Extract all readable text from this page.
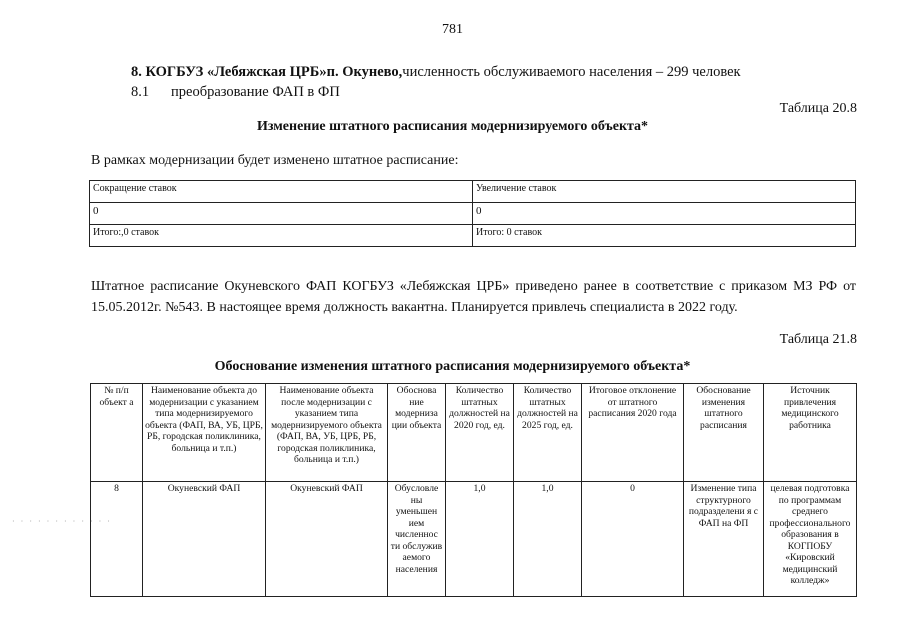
781
8. КОГБУЗ «Лебяжская ЦРБ»п. Окунево,численность обслуживаемого населения – 299 человек
8.1 преобразование ФАП в ФП
Таблица 20.8
Изменение штатного расписания модернизируемого объекта*
В рамках модернизации будет изменено штатное расписание:
Сокращение ставок	Увеличение ставок
0	0
Итого:,0 ставок	Итого: 0 ставок
Штатное расписание Окуневского ФАП КОГБУЗ «Лебяжская ЦРБ» приведено ранее в соответствие с приказом МЗ РФ от 15.05.2012г. №543. В настоящее время должность вакантна. Планируется привлечь специалиста в 2022 году.
Таблица 21.8
Обоснование изменения штатного расписания модернизируемого объекта*
№ п/п объект а	Наименование объекта до модернизации с указанием типа модернизируемого объекта (ФАП, ВА, УБ, ЦРБ, РБ, городская поликлиника, больница и т.п.)	Наименование объекта после модернизации с указанием типа модернизируемого объекта (ФАП, ВА, УБ, ЦРБ, РБ, городская поликлиника, больница и т.п.)	Обоснова ние модерниза ции объекта	Количество штатных должностей на 2020 год, ед.	Количество штатных должностей на 2025 год, ед.	Итоговое отклонение от штатного расписания 2020 года	Обоснование изменения штатного расписания	Источник привлечения медицинского работника
8	Окуневский ФАП	Окуневский ФАП	Обусловле ны уменьшен ием численнос ти обслужив аемого населения	1,0	1,0	0	Изменение типа структурного подразделени я с ФАП на ФП	целевая подготовка по программам среднего профессионального образования в КОГПОБУ «Кировский медицинский колледж»
· · · · · · · · · · · ·
